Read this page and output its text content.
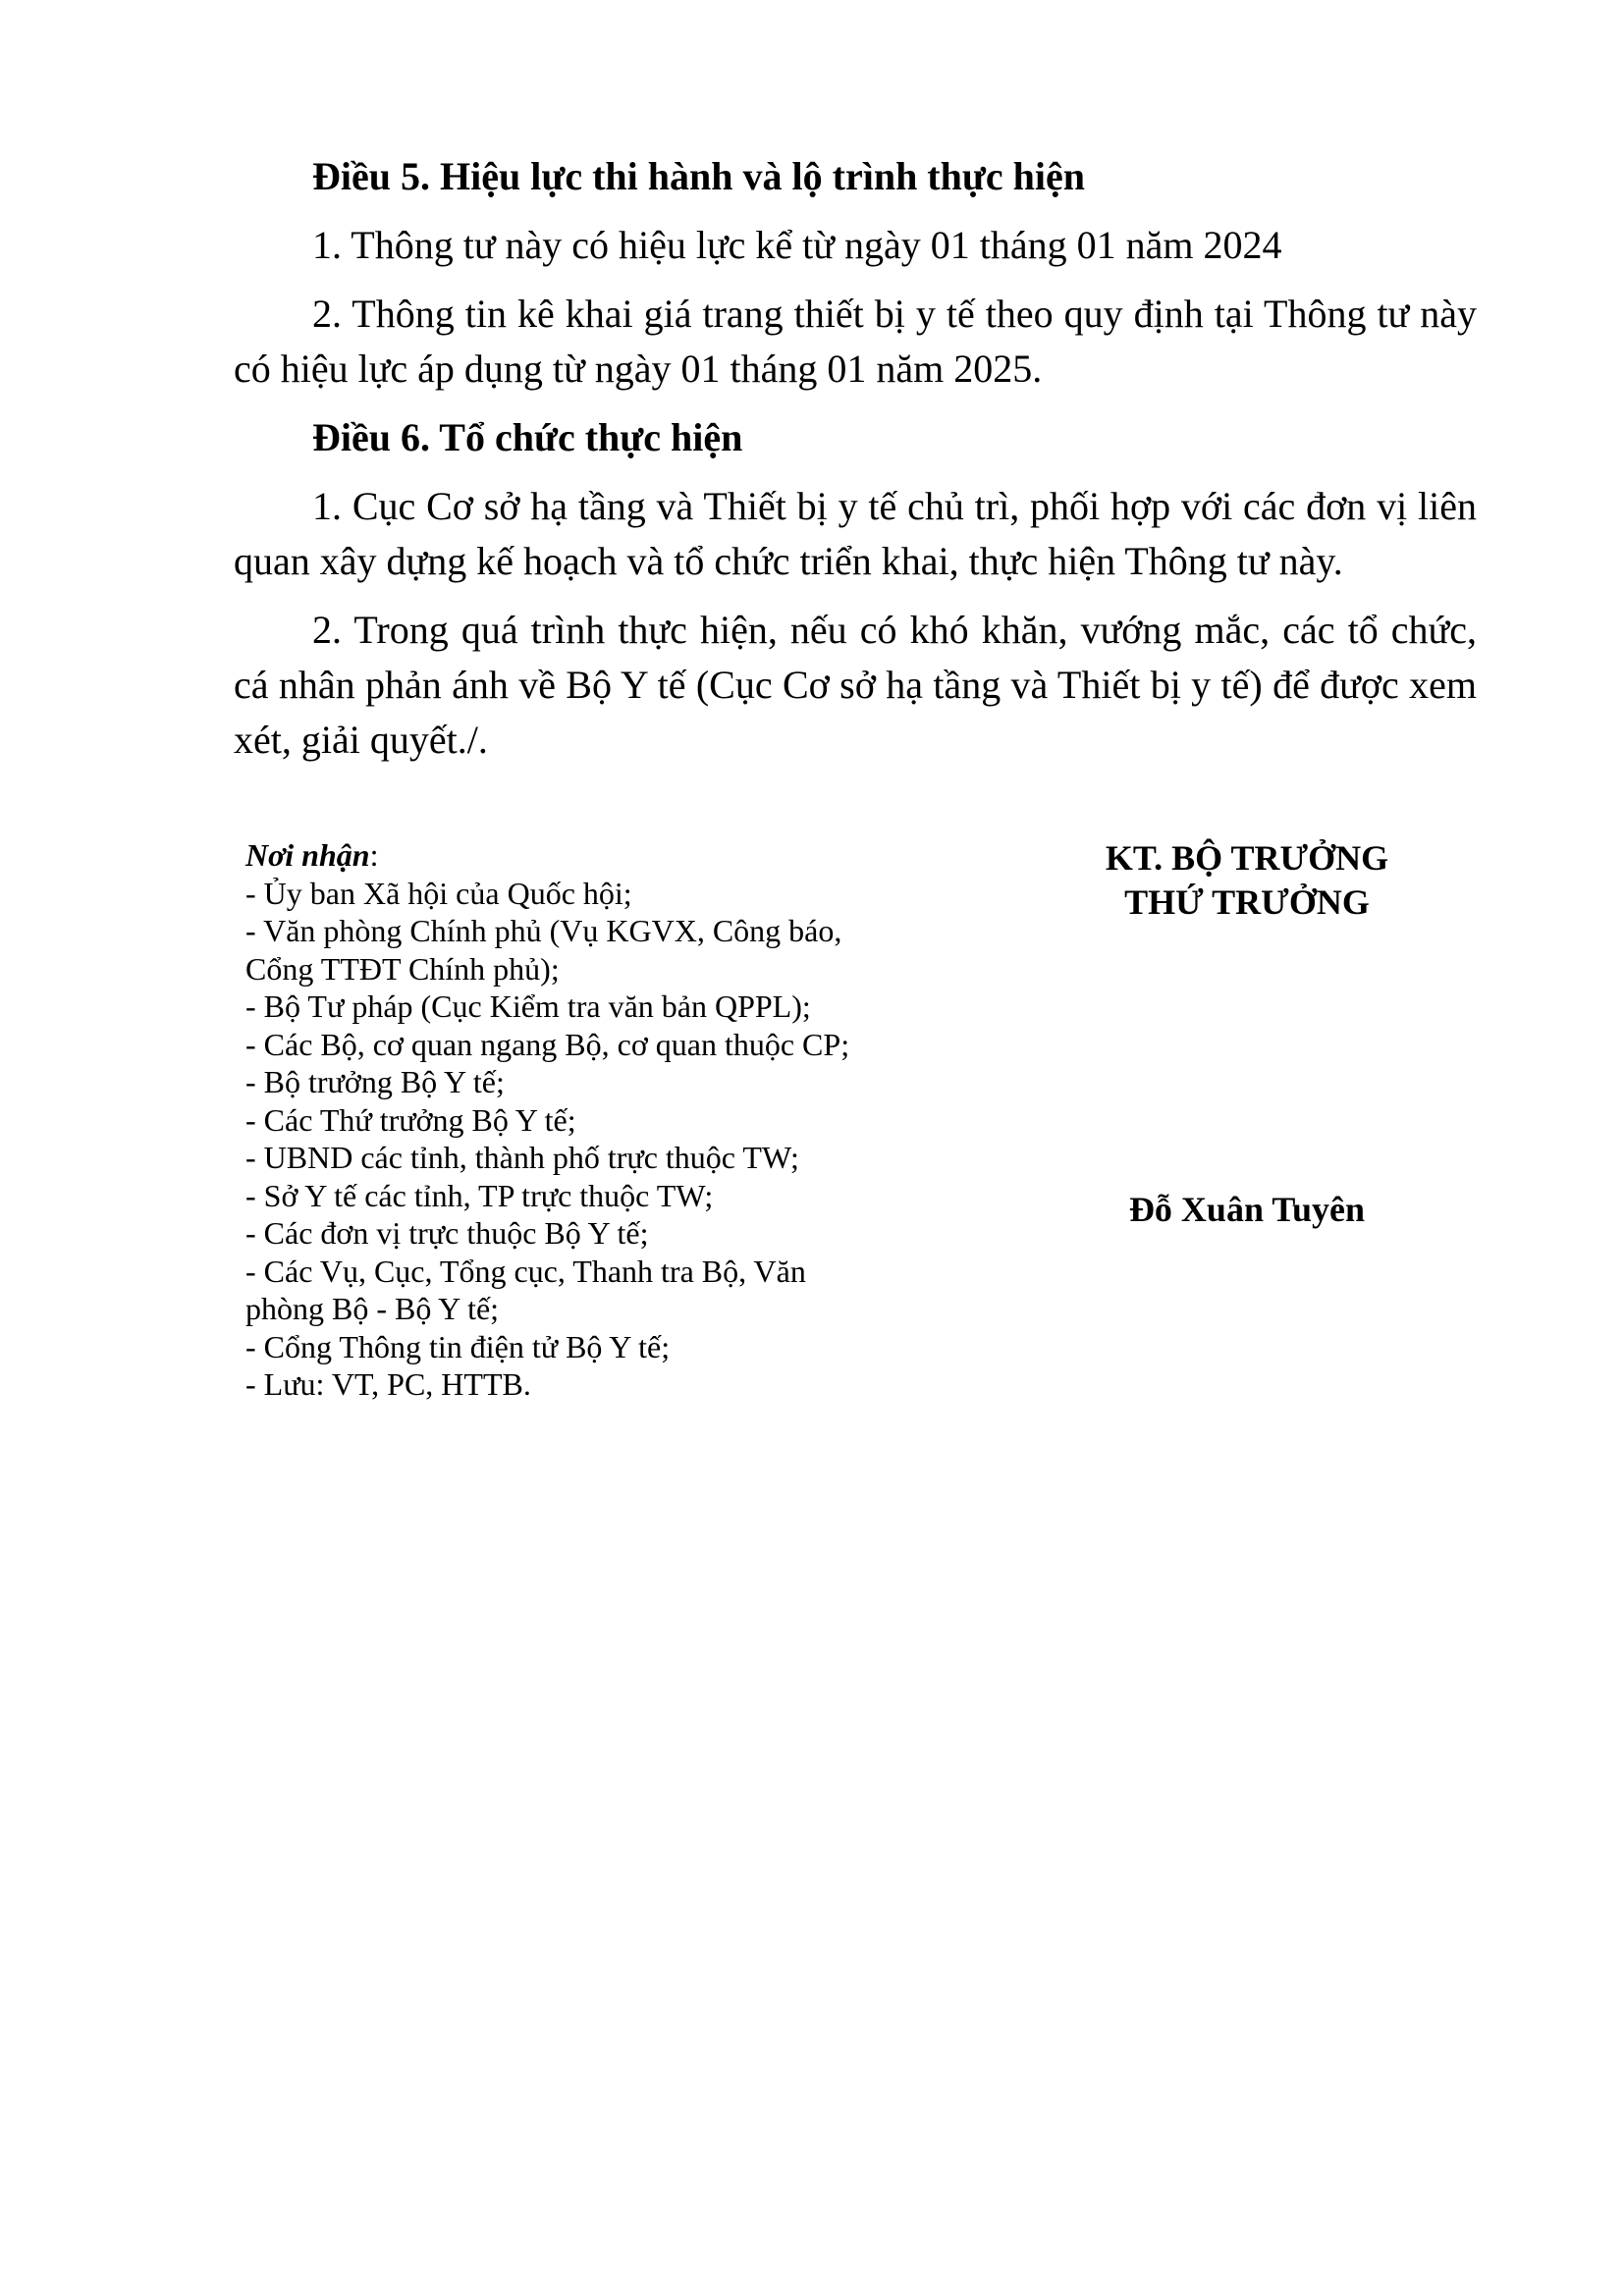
Điều 5. Hiệu lực thi hành và lộ trình thực hiện

1. Thông tư này có hiệu lực kể từ ngày 01 tháng 01 năm 2024

2. Thông tin kê khai giá trang thiết bị y tế theo quy định tại Thông tư này có hiệu lực áp dụng từ ngày 01 tháng 01 năm 2025.

Điều 6. Tổ chức thực hiện

1. Cục Cơ sở hạ tầng và Thiết bị y tế chủ trì, phối hợp với các đơn vị liên quan xây dựng kế hoạch và tổ chức triển khai, thực hiện Thông tư này.

2. Trong quá trình thực hiện, nếu có khó khăn, vướng mắc, các tổ chức, cá nhân phản ánh về Bộ Y tế (Cục Cơ sở hạ tầng và Thiết bị y tế) để được xem xét, giải quyết./.

Nơi nhận:
- Ủy ban Xã hội của Quốc hội;
- Văn phòng Chính phủ (Vụ KGVX, Công báo,
Cổng TTĐT Chính phủ);
- Bộ Tư pháp (Cục Kiểm tra văn bản QPPL);
- Các Bộ, cơ quan ngang Bộ, cơ quan thuộc CP;
- Bộ trưởng Bộ Y tế;
- Các Thứ trưởng Bộ Y tế;
- UBND các tỉnh, thành phố trực thuộc TW;
- Sở Y tế các tỉnh, TP trực thuộc TW;
- Các đơn vị trực thuộc Bộ Y tế;
- Các Vụ, Cục, Tổng cục, Thanh tra Bộ, Văn
phòng Bộ - Bộ Y tế;
- Cổng Thông tin điện tử Bộ Y tế;
- Lưu: VT, PC, HTTB.
KT. BỘ TRƯỞNG
THỨ TRƯỞNG
Đỗ Xuân Tuyên
